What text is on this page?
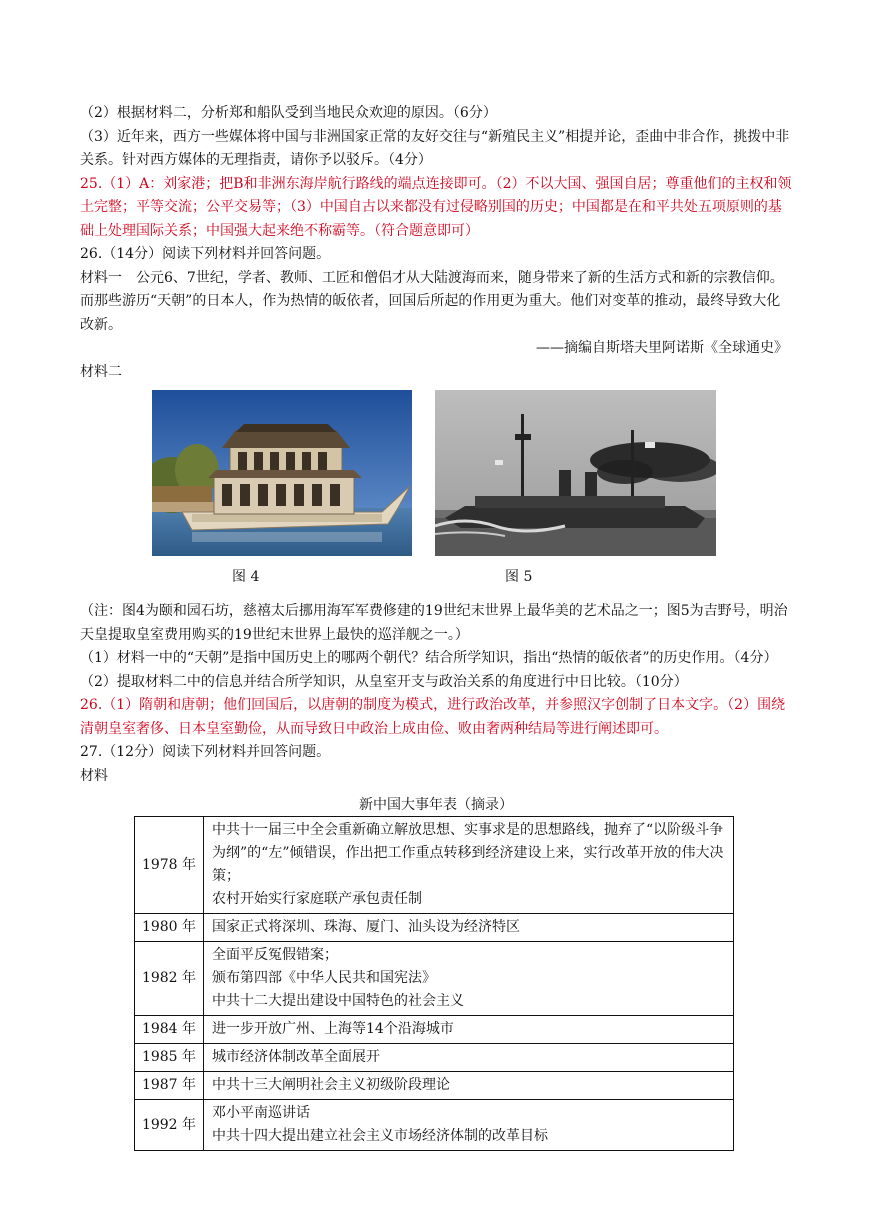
（2）根据材料二，分析郑和船队受到当地民众欢迎的原因。（6分）
（3）近年来，西方一些媒体将中国与非洲国家正常的友好交往与“新殖民主义”相提并论，歪曲中非合作，挑拨中非关系。针对西方媒体的无理指责，请你予以驳斥。（4分）
25.（1）A：刘家港；把B和非洲东海岸航行路线的端点连接即可。（2）不以大国、强国自居；尊重他们的主权和领土完整；平等交流；公平交易等；（3）中国自古以来都没有过侵略别国的历史；中国都是在和平共处五项原则的基础上处理国际关系；中国强大起来绝不称霸等。（符合题意即可）
26.（14分）阅读下列材料并回答问题。
材料一　公元6、7世纪，学者、教师、工匠和僧侣才从大陆渡海而来，随身带来了新的生活方式和新的宗教信仰。而那些游历“天朝”的日本人，作为热情的皈依者，回国后所起的作用更为重大。他们对变革的推动，最终导致大化改新。
——摘编自斯塔夫里阿诺斯《全球通史》
材料二
图 4	图 5
（注：图4为颐和园石坊，慈禧太后挪用海军军费修建的19世纪末世界上最华美的艺术品之一；图5为吉野号，明治天皇提取皇室费用购买的19世纪末世界上最快的巡洋舰之一。）
（1）材料一中的“天朝”是指中国历史上的哪两个朝代？结合所学知识，指出“热情的皈依者”的历史作用。（4分）
（2）提取材料二中的信息并结合所学知识，从皇室开支与政治关系的角度进行中日比较。（10分）
26.（1）隋朝和唐朝；他们回国后，以唐朝的制度为模式，进行政治改革，并参照汉字创制了日本文字。（2）围绕清朝皇室奢侈、日本皇室勤俭，从而导致日中政治上成由俭、败由奢两种结局等进行阐述即可。
27.（12分）阅读下列材料并回答问题。
材料
新中国大事年表（摘录）
1978 年	中共十一届三中全会重新确立解放思想、实事求是的思想路线，抛弃了“以阶级斗争为纲”的“左”倾错误，作出把工作重点转移到经济建设上来，实行改革开放的伟大决策；
农村开始实行家庭联产承包责任制

1980 年	国家正式将深圳、珠海、厦门、汕头设为经济特区

1982 年	全面平反冤假错案；
颁布第四部《中华人民共和国宪法》
中共十二大提出建设中国特色的社会主义

1984 年	进一步开放广州、上海等14个沿海城市

1985 年	城市经济体制改革全面展开

1987 年	中共十三大阐明社会主义初级阶段理论

1992 年	邓小平南巡讲话
中共十四大提出建立社会主义市场经济体制的改革目标
